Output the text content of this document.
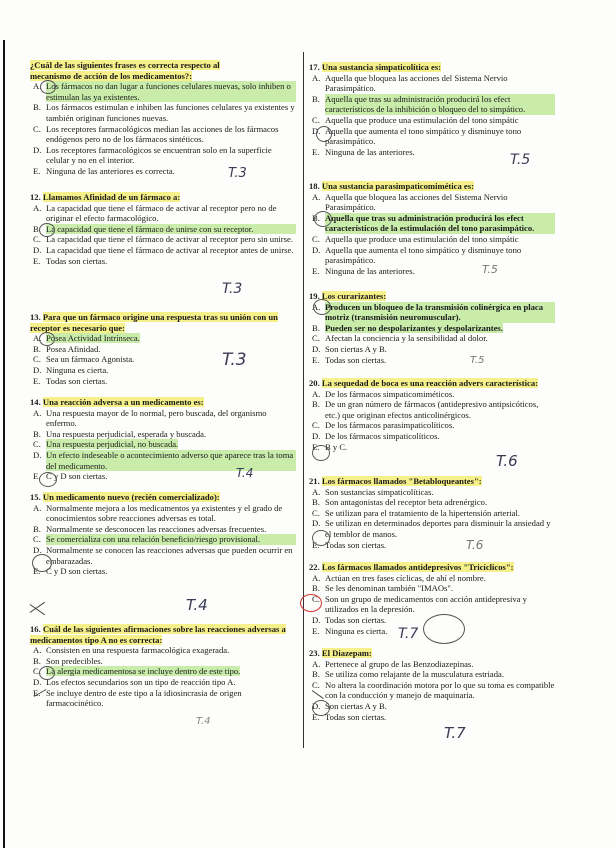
¿Cuál de las siguientes frases es correcta respecto al
mecanismo de acción de los medicamentos?:
A. Los fármacos no dan lugar a funciones celulares nuevas, solo inhiben o estimulan las ya existentes.
B. Los fármacos estimulan e inhiben las funciones celulares ya existentes y también originan funciones nuevas.
C. Los receptores farmacológicos median las acciones de los fármacos endógenos pero no de los fármacos sintéticos.
D. Los receptores farmacológicos se encuentran solo en la superficie celular y no en el interior.
E. Ninguna de las anteriores es correcta.
12. Llamamos Afinidad de un fármaco a:
A. La capacidad que tiene el fármaco de activar al receptor pero no de originar el efecto farmacológico.
B. La capacidad que tiene el fármaco de unirse con su receptor.
C. La capacidad que tiene el fármaco de activar al receptor pero sin unirse.
D. La capacidad que tiene el fármaco de activar al receptor antes de unirse.
E. Todas son ciertas.
13. Para que un fármaco origine una respuesta tras su unión con un receptor es necesario que:
A. Posea Actividad Intrínseca.
B. Posea Afinidad.
C. Sea un fármaco Agonista.
D. Ninguna es cierta.
E. Todas son ciertas.
14. Una reacción adversa a un medicamento es:
A. Una respuesta mayor de lo normal, pero buscada, del organismo enfermo.
B. Una respuesta perjudicial, esperada y buscada.
C. Una respuesta perjudicial, no buscada.
D. Un efecto indeseable o acontecimiento adverso que aparece tras la toma del medicamento.
E. C y D son ciertas.
15. Un medicamento nuevo (recién comercializado):
A. Normalmente mejora a los medicamentos ya existentes y el grado de conocimientos sobre reacciones adversas es total.
B. Normalmente se desconocen las reacciones adversas frecuentes.
C. Se comercializa con una relación beneficio/riesgo provisional.
D. Normalmente se conocen las reacciones adversas que pueden ocurrir en embarazadas.
E. C y D son ciertas.
16. Cuál de las siguientes afirmaciones sobre las reacciones adversas a medicamentos tipo A no es correcta:
A. Consisten en una respuesta farmacológica exagerada.
B. Son predecibles.
C. La alergia medicamentosa se incluye dentro de este tipo.
D. Los efectos secundarios son un tipo de reacción tipo A.
E. Se incluye dentro de este tipo a la idiosincrasia de origen farmacocinético.
17. Una sustancia simpaticolítica es:
A. Aquella que bloquea las acciones del Sistema Nervio Parasimpático.
B. Aquella que tras su administración producirá los efect característicos de la inhibición o bloqueo del to simpático.
C. Aquella que produce una estimulación del tono simpátic
D. Aquella que aumenta el tono simpático y disminuye tono parasimpático.
E. Ninguna de las anteriores.
18. Una sustancia parasimpaticomimética es:
A. Aquella que bloquea las acciones del Sistema Nervio Parasimpático.
B. Aquella que tras su administración producirá los efect característicos de la estimulación del tono parasimpático.
C. Aquella que produce una estimulación del tono simpátic
D. Aquella que aumenta el tono simpático y disminuye tono parasimpático.
E. Ninguna de las anteriores.
19. Los curarizantes:
A. Producen un bloqueo de la transmisión colinérgica en placa motriz (transmisión neuromuscular).
B. Pueden ser no despolarizantes y despolarizantes.
C. Afectan la conciencia y la sensibilidad al dolor.
D. Son ciertas A y B.
E. Todas son ciertas.
20. La sequedad de boca es una reacción advers característica:
A. De los fármacos simpaticomiméticos.
B. De un gran número de fármacos (antidepresivo antipsicóticos, etc.) que originan efectos anticolinérgicos.
C. De los fármacos parasimpaticolíticos.
D. De los fármacos simpaticolíticos.
E. B y C.
21. Los fármacos llamados "Betabloqueantes":
A. Son sustancias simpaticolíticas.
B. Son antagonistas del receptor beta adrenérgico.
C. Se utilizan para el tratamiento de la hipertensión arterial.
D. Se utilizan en determinados deportes para disminuir la ansiedad y el temblor de manos.
E. Todas son ciertas.
22. Los fármacos llamados antidepresivos "Tricíclicos":
A. Actúan en tres fases cíclicas, de ahí el nombre.
B. Se les denominan también "IMAOs".
C. Son un grupo de medicamentos con acción antidepresiva y utilizados en la depresión.
D. Todas son ciertas.
E. Ninguna es cierta.
23. El Diazepam:
A. Pertenece al grupo de las Benzodiazepinas.
B. Se utiliza como relajante de la musculatura estriada.
C. No altera la coordinación motora por lo que su toma es compatible con la conducción y manejo de maquinaria.
D. Son ciertas A y B.
E. Todas son ciertas.
T.3
T.3
T.3
T.4
T.4
T.4
T.5
T.5
T.5
T.6
T.6
T.7
T.7
